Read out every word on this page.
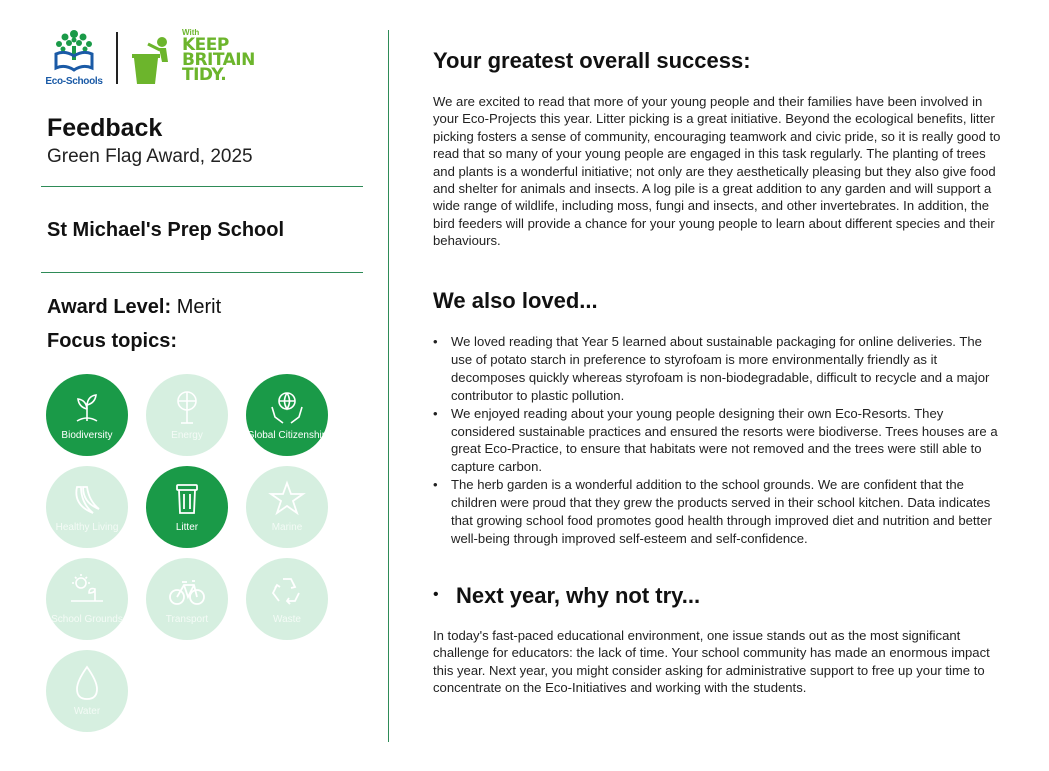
Eco-Schools
With
KEEP
BRITAIN
TIDY.
Feedback
Green Flag Award, 2025
St Michael's Prep School
Award Level: Merit
Focus topics:
Biodiversity	Energy	Global Citizenship
Healthy Living	Litter	Marine
School Grounds	Transport	Waste
Water
Your greatest overall success:

We are excited to read that more of your young people and their families have been involved in your Eco-Projects this year. Litter picking is a great initiative. Beyond the ecological benefits, litter picking fosters a sense of community, encouraging teamwork and civic pride, so it is really good to read that so many of your young people are engaged in this task regularly. The planting of trees and plants is a wonderful initiative; not only are they aesthetically pleasing but they also give food and shelter for animals and insects. A log pile is a great addition to any garden and will support a wide range of wildlife, including moss, fungi and insects, and other invertebrates. In addition, the bird feeders will provide a chance for your young people to learn about different species and their behaviours.

We also loved...
• We loved reading that Year 5 learned about sustainable packaging for online deliveries. The use of potato starch in preference to styrofoam is more environmentally friendly as it decomposes quickly whereas styrofoam is non-biodegradable, difficult to recycle and a major contributor to plastic pollution.
• We enjoyed reading about your young people designing their own Eco-Resorts. They considered sustainable practices and ensured the resorts were biodiverse. Trees houses are a great Eco-Practice, to ensure that habitats were not removed and the trees were still able to capture carbon.
• The herb garden is a wonderful addition to the school grounds. We are confident that the children were proud that they grew the products served in their school kitchen. Data indicates that growing school food promotes good health through improved diet and nutrition and better well-being through improved self-esteem and self-confidence.
• Next year, why not try...

In today's fast-paced educational environment, one issue stands out as the most significant challenge for educators: the lack of time. Your school community has made an enormous impact this year. Next year, you might consider asking for administrative support to free up your time to concentrate on the Eco-Initiatives and working with the students.
